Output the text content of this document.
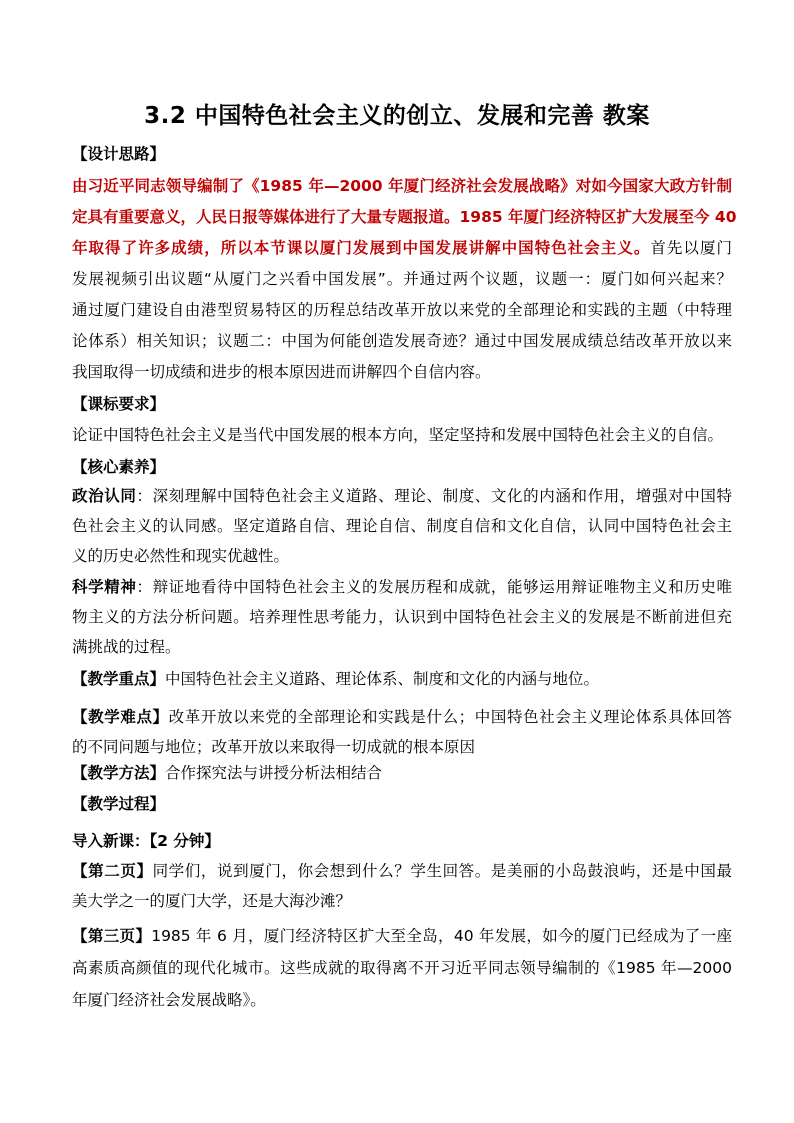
3.2 中国特色社会主义的创立、发展和完善 教案
【设计思路】
由习近平同志领导编制了《1985 年—2000 年厦门经济社会发展战略》对如今国家大政方针制
定具有重要意义，人民日报等媒体进行了大量专题报道。1985 年厦门经济特区扩大发展至今 40
年取得了许多成绩，所以本节课以厦门发展到中国发展讲解中国特色社会主义。首先以厦门
发展视频引出议题“从厦门之兴看中国发展”。并通过两个议题，议题一：厦门如何兴起来？
通过厦门建设自由港型贸易特区的历程总结改革开放以来党的全部理论和实践的主题（中特理
论体系）相关知识；议题二：中国为何能创造发展奇迹？通过中国发展成绩总结改革开放以来
我国取得一切成绩和进步的根本原因进而讲解四个自信内容。
【课标要求】
论证中国特色社会主义是当代中国发展的根本方向，坚定坚持和发展中国特色社会主义的自信。
【核心素养】
政治认同：深刻理解中国特色社会主义道路、理论、制度、文化的内涵和作用，增强对中国特
色社会主义的认同感。坚定道路自信、理论自信、制度自信和文化自信，认同中国特色社会主
义的历史必然性和现实优越性。
科学精神：辩证地看待中国特色社会主义的发展历程和成就，能够运用辩证唯物主义和历史唯
物主义的方法分析问题。培养理性思考能力，认识到中国特色社会主义的发展是不断前进但充
满挑战的过程。
【教学重点】中国特色社会主义道路、理论体系、制度和文化的内涵与地位。
【教学难点】改革开放以来党的全部理论和实践是什么；中国特色社会主义理论体系具体回答
的不同问题与地位；改革开放以来取得一切成就的根本原因
【教学方法】合作探究法与讲授分析法相结合
【教学过程】
导入新课：【2 分钟】
【第二页】同学们，说到厦门，你会想到什么？学生回答。是美丽的小岛鼓浪屿，还是中国最
美大学之一的厦门大学，还是大海沙滩？
【第三页】1985 年 6 月，厦门经济特区扩大至全岛，40 年发展，如今的厦门已经成为了一座
高素质高颜值的现代化城市。这些成就的取得离不开习近平同志领导编制的《1985 年—2000
年厦门经济社会发展战略》。
